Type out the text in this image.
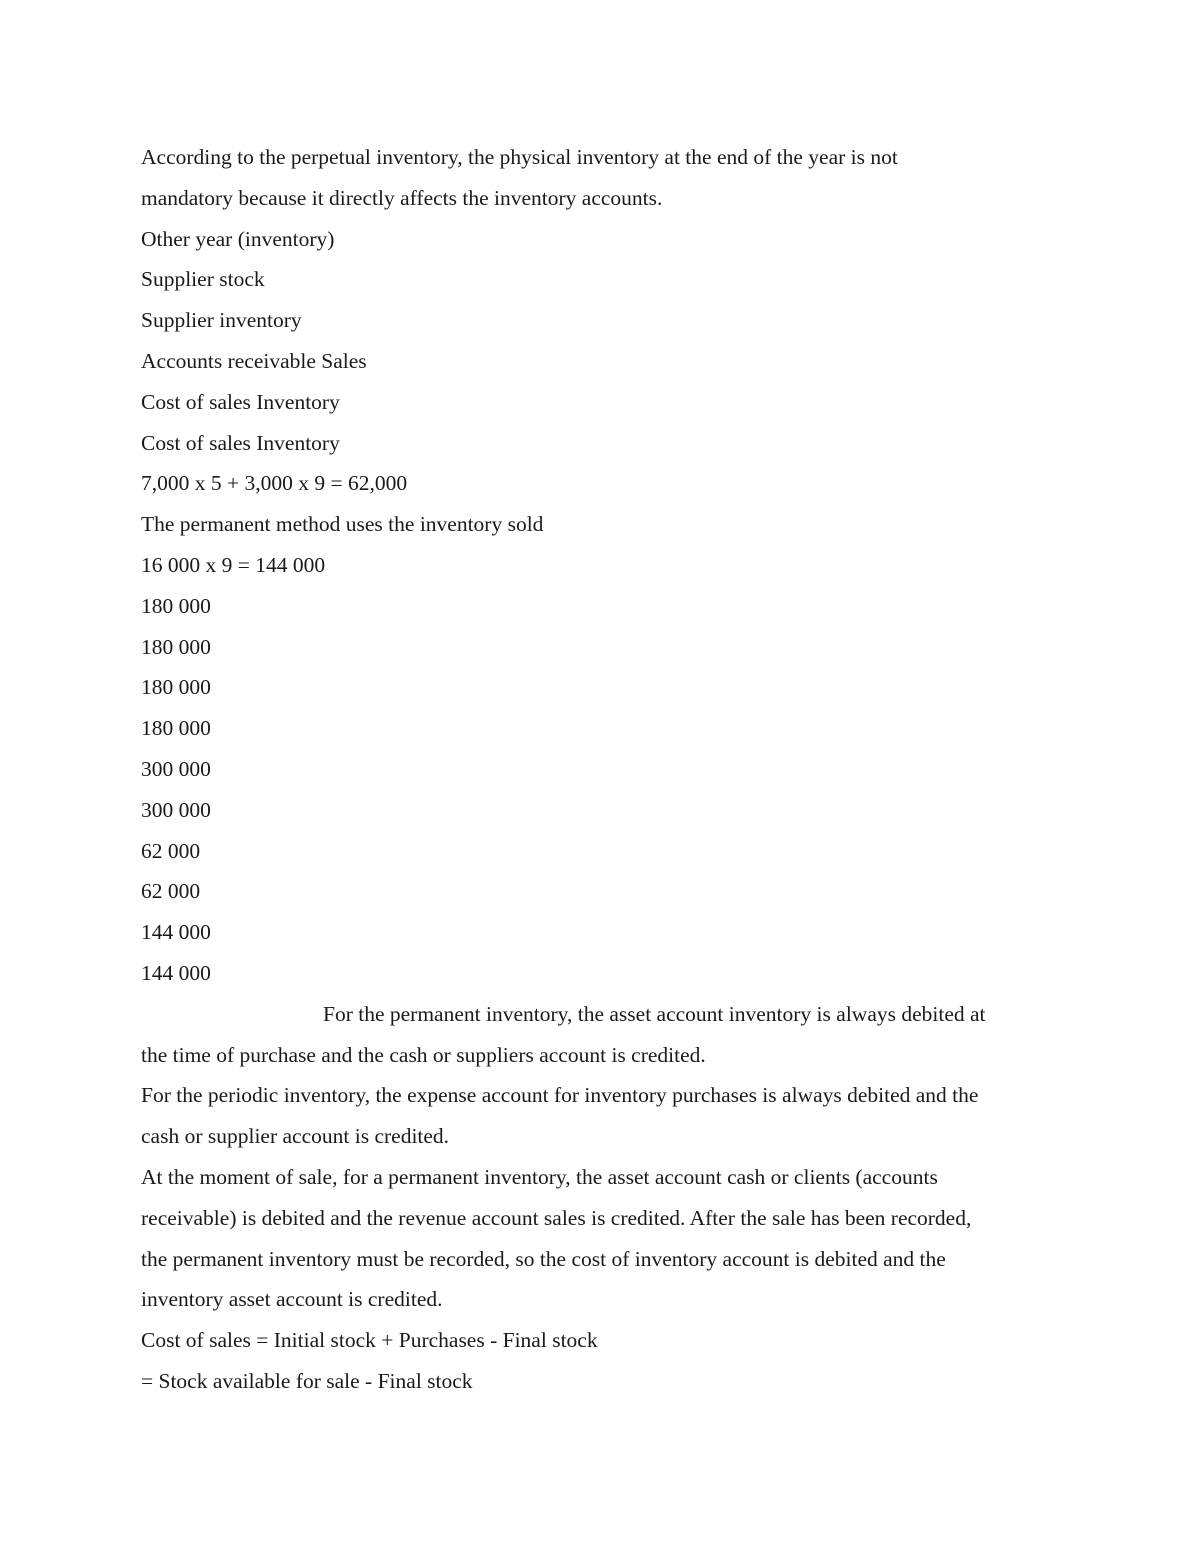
According to the perpetual inventory, the physical inventory at the end of the year is not
mandatory because it directly affects the inventory accounts.
Other year (inventory)
Supplier stock
Supplier inventory
Accounts receivable Sales
Cost of sales Inventory
Cost of sales Inventory
7,000 x 5 + 3,000 x 9 = 62,000
The permanent method uses the inventory sold
16 000 x 9 = 144 000
180 000
180 000
180 000
180 000
300 000
300 000
62 000
62 000
144 000
144 000
For the permanent inventory, the asset account inventory is always debited at
the time of purchase and the cash or suppliers account is credited.
For the periodic inventory, the expense account for inventory purchases is always debited and the
cash or supplier account is credited.
At the moment of sale, for a permanent inventory, the asset account cash or clients (accounts
receivable) is debited and the revenue account sales is credited. After the sale has been recorded,
the permanent inventory must be recorded, so the cost of inventory account is debited and the
inventory asset account is credited.
Cost of sales = Initial stock + Purchases - Final stock
= Stock available for sale - Final stock
